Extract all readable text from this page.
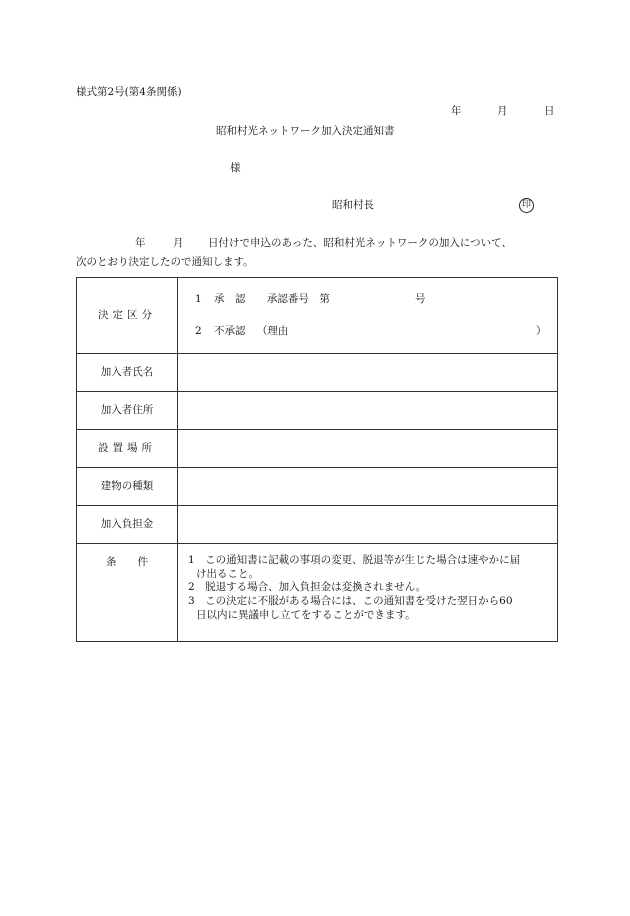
様式第2号(第4条関係)
年	月	日
昭和村光ネットワーク加入決定通知書
様
昭和村長	印
年	月 日付けで申込のあった、昭和村光ネットワークの加入について、
次のとおり決定したので通知します。
決定区分	1 承　認 承認番号　第 号
2 不承認 （理由 ）

加入者氏名	
加入者住所	
設置場所	
建物の種類	
加入負担金	
条　　件	1　この通知書に記載の事項の変更、脱退等が生じた場合は速やかに届
け出ること。
2　脱退する場合、加入負担金は変換されません。
3　この決定に不服がある場合には、この通知書を受けた翌日から60
日以内に異議申し立てをすることができます。
